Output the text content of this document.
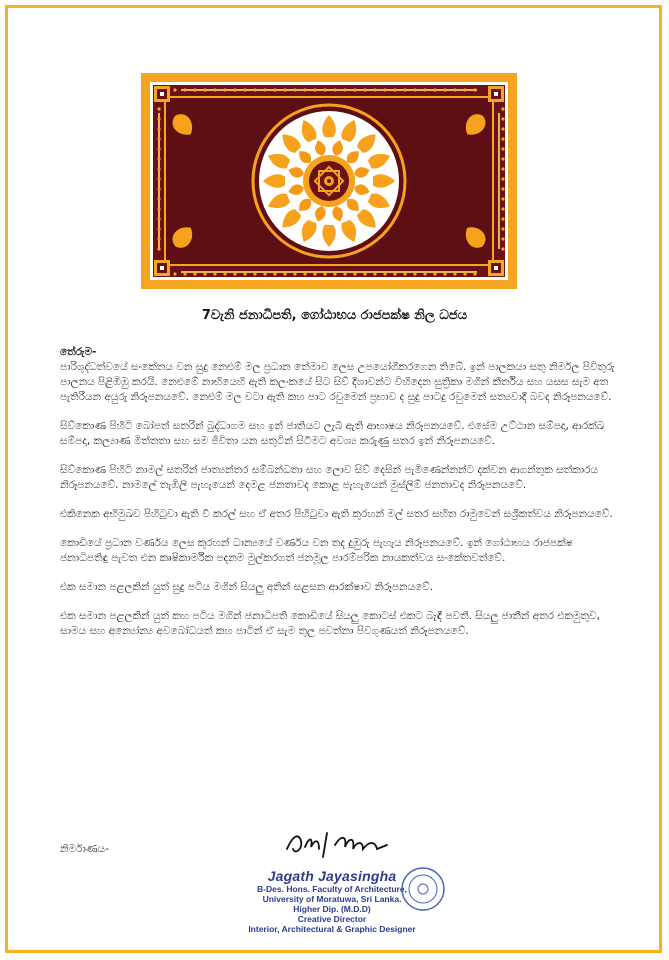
7වැනි ජනාධිපති, ගෝඨාභය රාජපක්ෂ නිල ධජය
තේරුම-

පාරිශුද්ධත්වයේ සංකේතය වන සුදු නෙළුම් මල ප්‍රධාන තේමාව ලෙස උපයෝගීකරගෙන තිබේ. ඉන් පාලකයා සතු නිර්මල පිවිතුරු පාලනය පිළිඹිඹු කරයි. නෙළුමේ නාභියෙහි ඇති කලංකයේ සිට සිව් දිශාවන්ට විහිදෙන සුත්‍රිකා මගින් කීර්තිය සහ යසස සැම අත පැතිරීයන අයුරු නිරූපනයවේ. නෙළුම් මල වටා ඇති කහ පාට රවුමෙන් ප්‍රභාව ද සුදු පාටදු රවුමෙන් සත්‍යවාදී බවද නිරූපනයවේ.

සිව්කොණ පිහිටි බෝපත් සතරින් බුද්ධාගම සහ ඉන් ජාතියට ලැබී ඇති ආභාෂය නිරූපනයවේ. එසේම උට්ඨාන සම්පදා, ආරක්ඛ සම්පදා, කල්‍යාණ මිත්තතා සහ සම ජිවිතා යන සතුටින් සිටීමට අවශ්‍ය කරුණු සතර ඉන් නිරූපනයවේ.

සිව්කොණ පිහිටි නාමල් සතරින් ජාත්‍යන්තර සම්බන්ධතා සහ ලොව සිව් දෙසින් පැමිණෙන්නන්ට දක්වන ආගන්තුක සත්කාරය නිරූපනයවේ. නාමලේ තැඹිලි පැහැයෙන් දෙමළ ජනතාවද කොළ පැහැයෙන් මුස්ලිම් ජනතාවද නිරූපනයවේ.

එකිනෙක අභිමුඛව පිහිටුවා ඇති වී කරල් සහ ඒ අතර පිහිටුවා ඇති කුරහන් මල් සතර සහිත රාමුවෙන් සශ්‍රීකත්වය නිරූපනයවේ.

කොඩියේ ප්‍රධාන වර්ණය ලෙස කුරහන් ධාන්‍යයේ වර්ණය වන තද දුඹුරු පැහැය නිරූපනයවේ. ඉන් ගෝඨාභය රාජපක්ෂ ජනාධිපතිඳු පැවත එන කෘෂිකාර්මික පදනම මුල්කරගත් ජනමූල පාරම්පරික නායකත්වය සංකේතවත්වේ.

එක සමාන පළලකින් යුත් සුදු පටිය මගින් සියලු අතින් සළසන ආරක්ෂාව නිරූපනයවේ.

එක සමාන පළලකින් යුත් කහ පටිය මගින් ජනාධිපති කොඩියේ සියලු කොටස් එකට බැඳී පවතී. සියලු ජාතීන් අතර එකමුතුව, සාමය සහ අන්‍යෝන්‍ය අවබෝධයත් කහ පාටින් ඒ සැම තුල පවත්නා පිවගුණයත් නිරූපනයවේ.

නිර්මාණය-
Jagath Jayasingha
B-Des. Hons. Faculty of Architecture,
University of Moratuwa, Sri Lanka.
Higher Dip. (M.D.D)
Creative Director
Interior, Architectural & Graphic Designer
